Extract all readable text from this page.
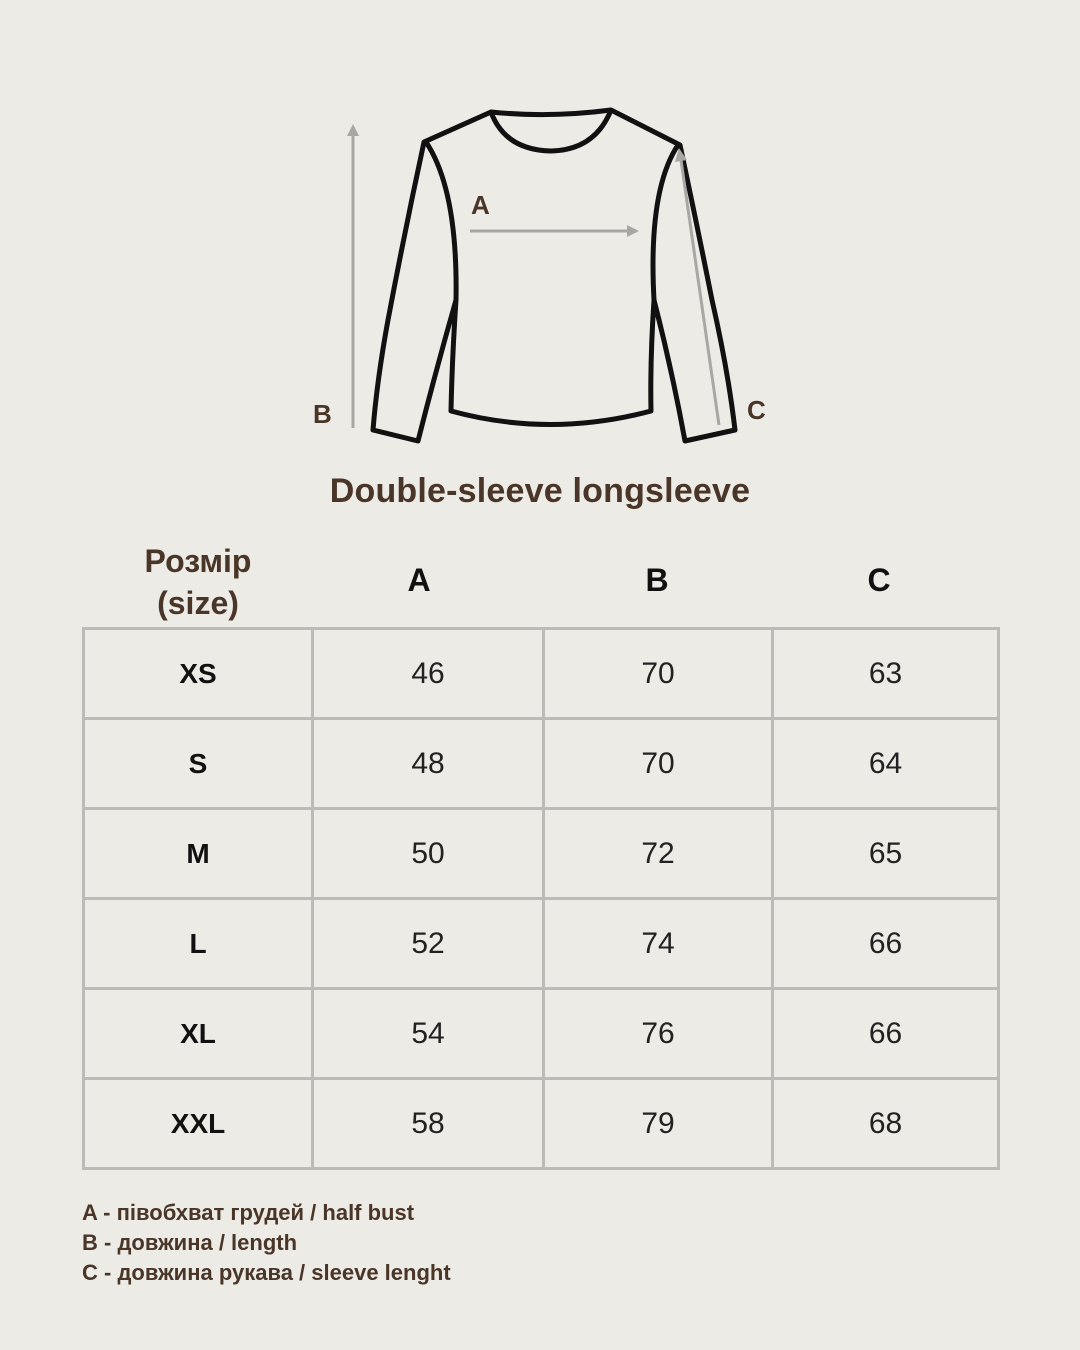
A
B	C
Double-sleeve longsleeve
Розмір
(size)
A	B	C
XS	46	70	63
S	48	70	64
M	50	72	65
L	52	74	66
XL	54	76	66
XXL	58	79	68
A - півобхват грудей / half bust
B - довжина / length
C - довжина рукава / sleeve lenght
